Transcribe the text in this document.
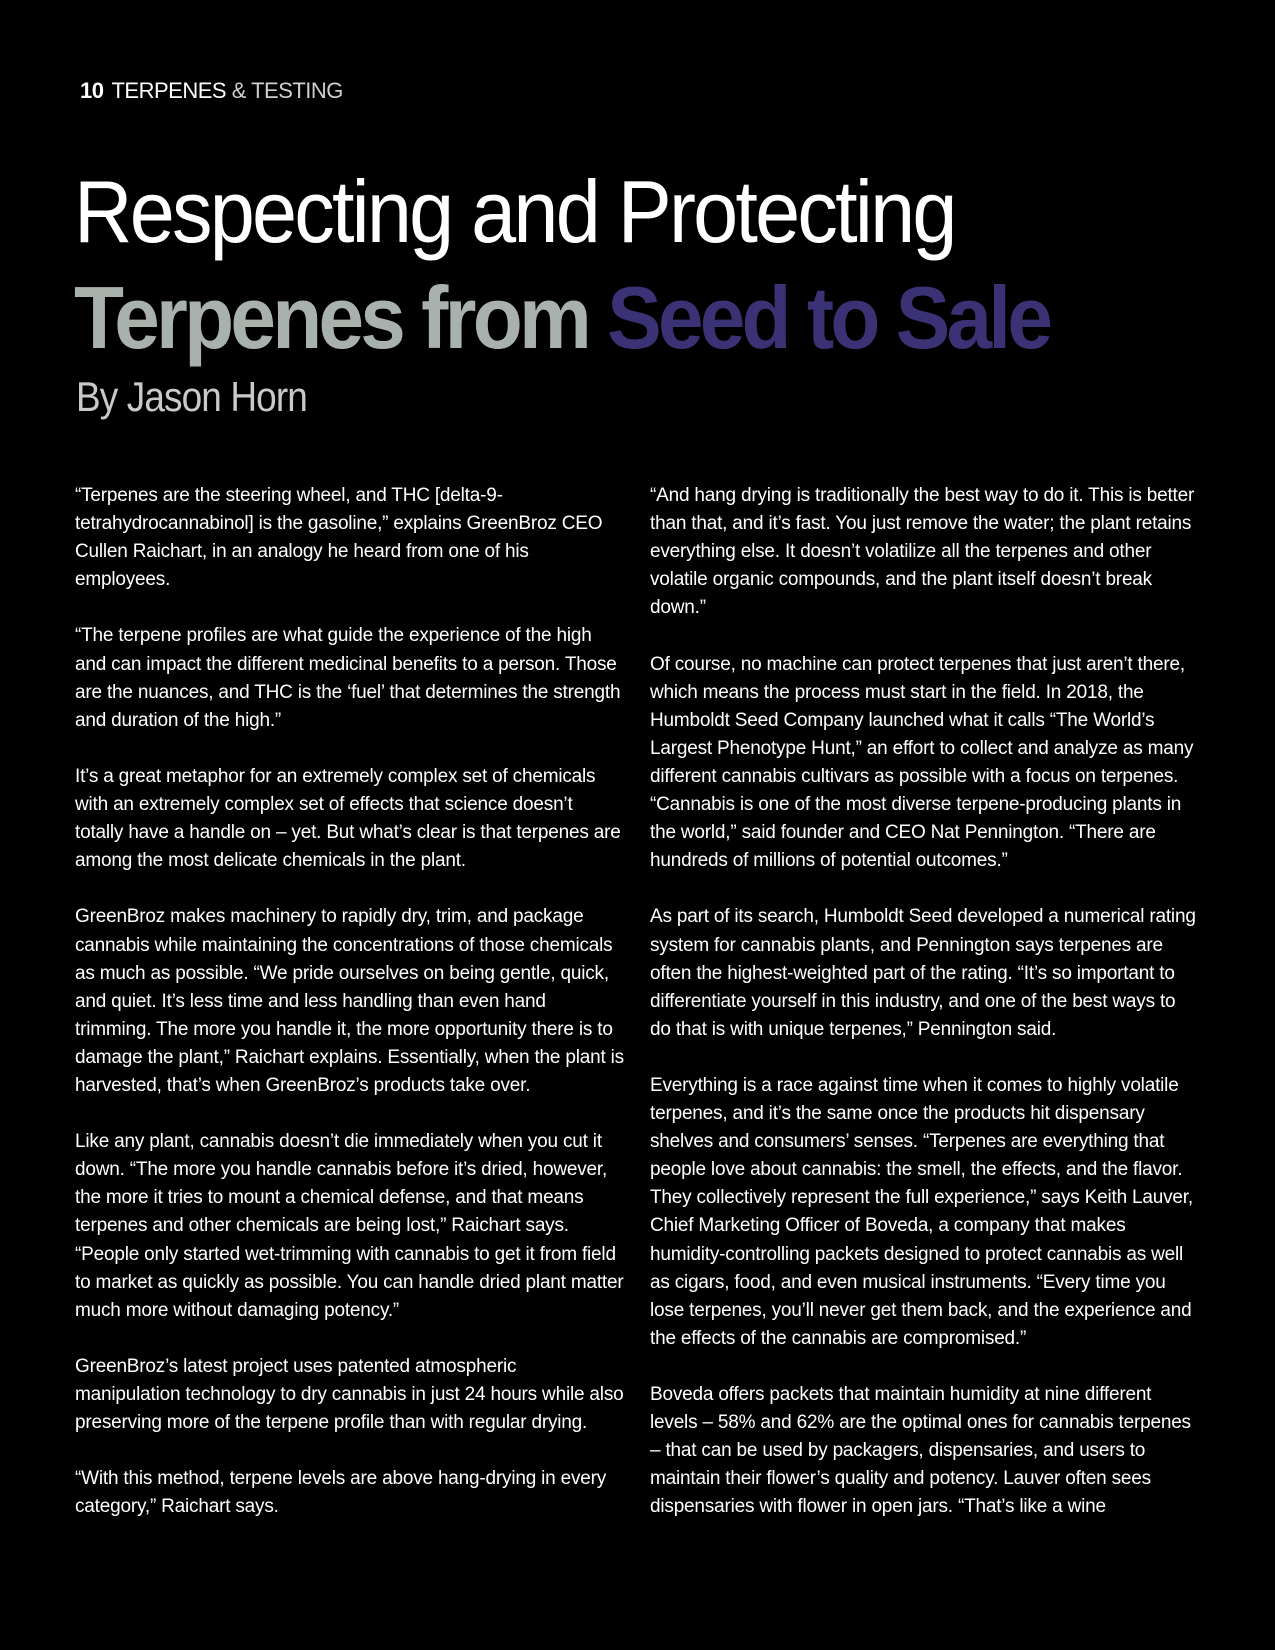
10 TERPENES & TESTING
Respecting and Protecting
Terpenes from Seed to Sale
By Jason Horn

“Terpenes are the steering wheel, and THC [delta-9-tetrahydrocannabinol] is the gasoline,” explains GreenBroz CEO Cullen Raichart, in an analogy he heard from one of his employees.

“The terpene profiles are what guide the experience of the high and can impact the different medicinal benefits to a person. Those are the nuances, and THC is the ‘fuel’ that determines the strength and duration of the high.”

It’s a great metaphor for an extremely complex set of chemicals with an extremely complex set of effects that science doesn’t totally have a handle on – yet. But what’s clear is that terpenes are among the most delicate chemicals in the plant.

GreenBroz makes machinery to rapidly dry, trim, and package cannabis while maintaining the concentrations of those chemicals as much as possible. “We pride ourselves on being gentle, quick, and quiet. It’s less time and less handling than even hand trimming. The more you handle it, the more opportunity there is to damage the plant,” Raichart explains. Essentially, when the plant is harvested, that’s when GreenBroz’s products take over.

Like any plant, cannabis doesn’t die immediately when you cut it down. “The more you handle cannabis before it’s dried, however, the more it tries to mount a chemical defense, and that means terpenes and other chemicals are being lost,” Raichart says. “People only started wet-trimming with cannabis to get it from field to market as quickly as possible. You can handle dried plant matter much more without damaging potency.”

GreenBroz’s latest project uses patented atmospheric manipulation technology to dry cannabis in just 24 hours while also preserving more of the terpene profile than with regular drying.

“With this method, terpene levels are above hang-drying in every category,” Raichart says.

“And hang drying is traditionally the best way to do it. This is better than that, and it’s fast. You just remove the water; the plant retains everything else. It doesn’t volatilize all the terpenes and other volatile organic compounds, and the plant itself doesn’t break down.”

Of course, no machine can protect terpenes that just aren’t there, which means the process must start in the field. In 2018, the Humboldt Seed Company launched what it calls “The World’s Largest Phenotype Hunt,” an effort to collect and analyze as many different cannabis cultivars as possible with a focus on terpenes. “Cannabis is one of the most diverse terpene-producing plants in the world,” said founder and CEO Nat Pennington. “There are hundreds of millions of potential outcomes.”

As part of its search, Humboldt Seed developed a numerical rating system for cannabis plants, and Pennington says terpenes are often the highest-weighted part of the rating. “It’s so important to differentiate yourself in this industry, and one of the best ways to do that is with unique terpenes,” Pennington said.

Everything is a race against time when it comes to highly volatile terpenes, and it’s the same once the products hit dispensary shelves and consumers’ senses. “Terpenes are everything that people love about cannabis: the smell, the effects, and the flavor. They collectively represent the full experience,” says Keith Lauver, Chief Marketing Officer of Boveda, a company that makes humidity-controlling packets designed to protect cannabis as well as cigars, food, and even musical instruments. “Every time you lose terpenes, you’ll never get them back, and the experience and the effects of the cannabis are compromised.”

Boveda offers packets that maintain humidity at nine different levels – 58% and 62% are the optimal ones for cannabis terpenes – that can be used by packagers, dispensaries, and users to maintain their flower’s quality and potency. Lauver often sees dispensaries with flower in open jars. “That’s like a wine
